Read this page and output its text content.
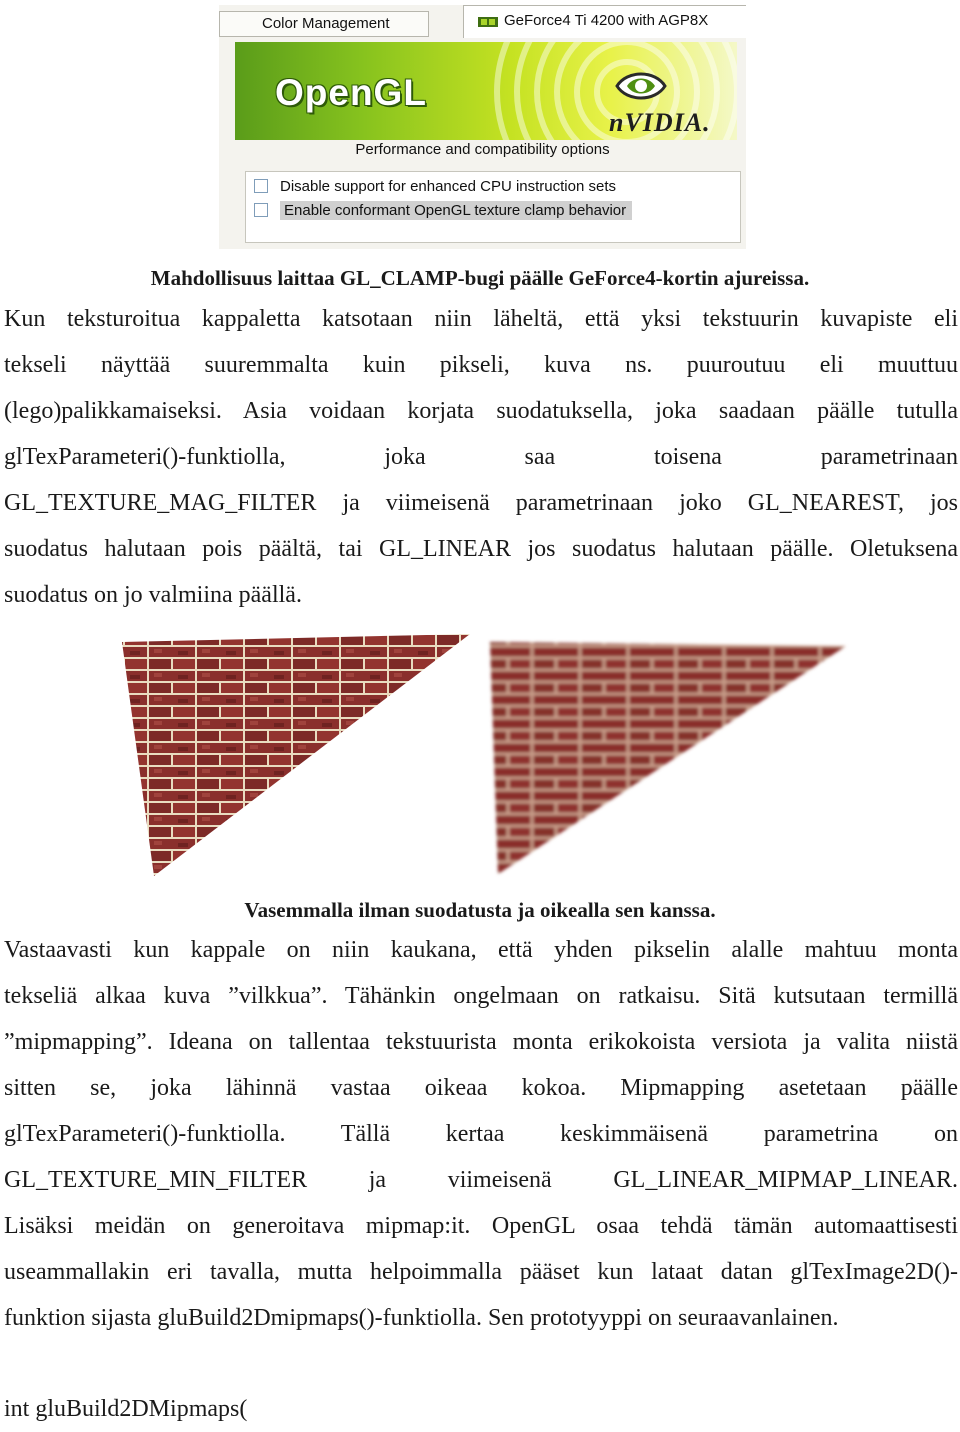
Color Management	GeForce4 Ti 4200 with AGP8X
OpenGL
nVIDIA.
Performance and compatibility options
Disable support for enhanced CPU instruction sets
Enable conformant OpenGL texture clamp behavior

Mahdollisuus laittaa GL_CLAMP-bugi päälle GeForce4-kortin ajureissa.

Kun teksturoitua kappaletta katsotaan niin läheltä, että yksi tekstuurin kuvapiste eli
tekseli näyttää suuremmalta kuin pikseli, kuva ns. puuroutuu eli muuttuu
(lego)palikkamaiseksi. Asia voidaan korjata suodatuksella, joka saadaan päälle tutulla
glTexParameteri()-funktiolla, joka saa toisena parametrinaan
GL_TEXTURE_MAG_FILTER ja viimeisenä parametrinaan joko GL_NEAREST, jos
suodatus halutaan pois päältä, tai GL_LINEAR jos suodatus halutaan päälle. Oletuksena
suodatus on jo valmiina päällä.

Vasemmalla ilman suodatusta ja oikealla sen kanssa.

Vastaavasti kun kappale on niin kaukana, että yhden pikselin alalle mahtuu monta
tekseliä alkaa kuva ”vilkkua”. Tähänkin ongelmaan on ratkaisu. Sitä kutsutaan termillä
”mipmapping”. Ideana on tallentaa tekstuurista monta erikokoista versiota ja valita niistä
sitten se, joka lähinnä vastaa oikeaa kokoa. Mipmapping asetetaan päälle
glTexParameteri()-funktiolla. Tällä kertaa keskimmäisenä parametrina on
GL_TEXTURE_MIN_FILTER ja viimeisenä GL_LINEAR_MIPMAP_LINEAR.
Lisäksi meidän on generoitava mipmap:it. OpenGL osaa tehdä tämän automaattisesti
useammallakin eri tavalla, mutta helpoimmalla pääset kun lataat datan glTexImage2D()-
funktion sijasta gluBuild2Dmipmaps()-funktiolla. Sen prototyyppi on seuraavanlainen.

int gluBuild2DMipmaps(
